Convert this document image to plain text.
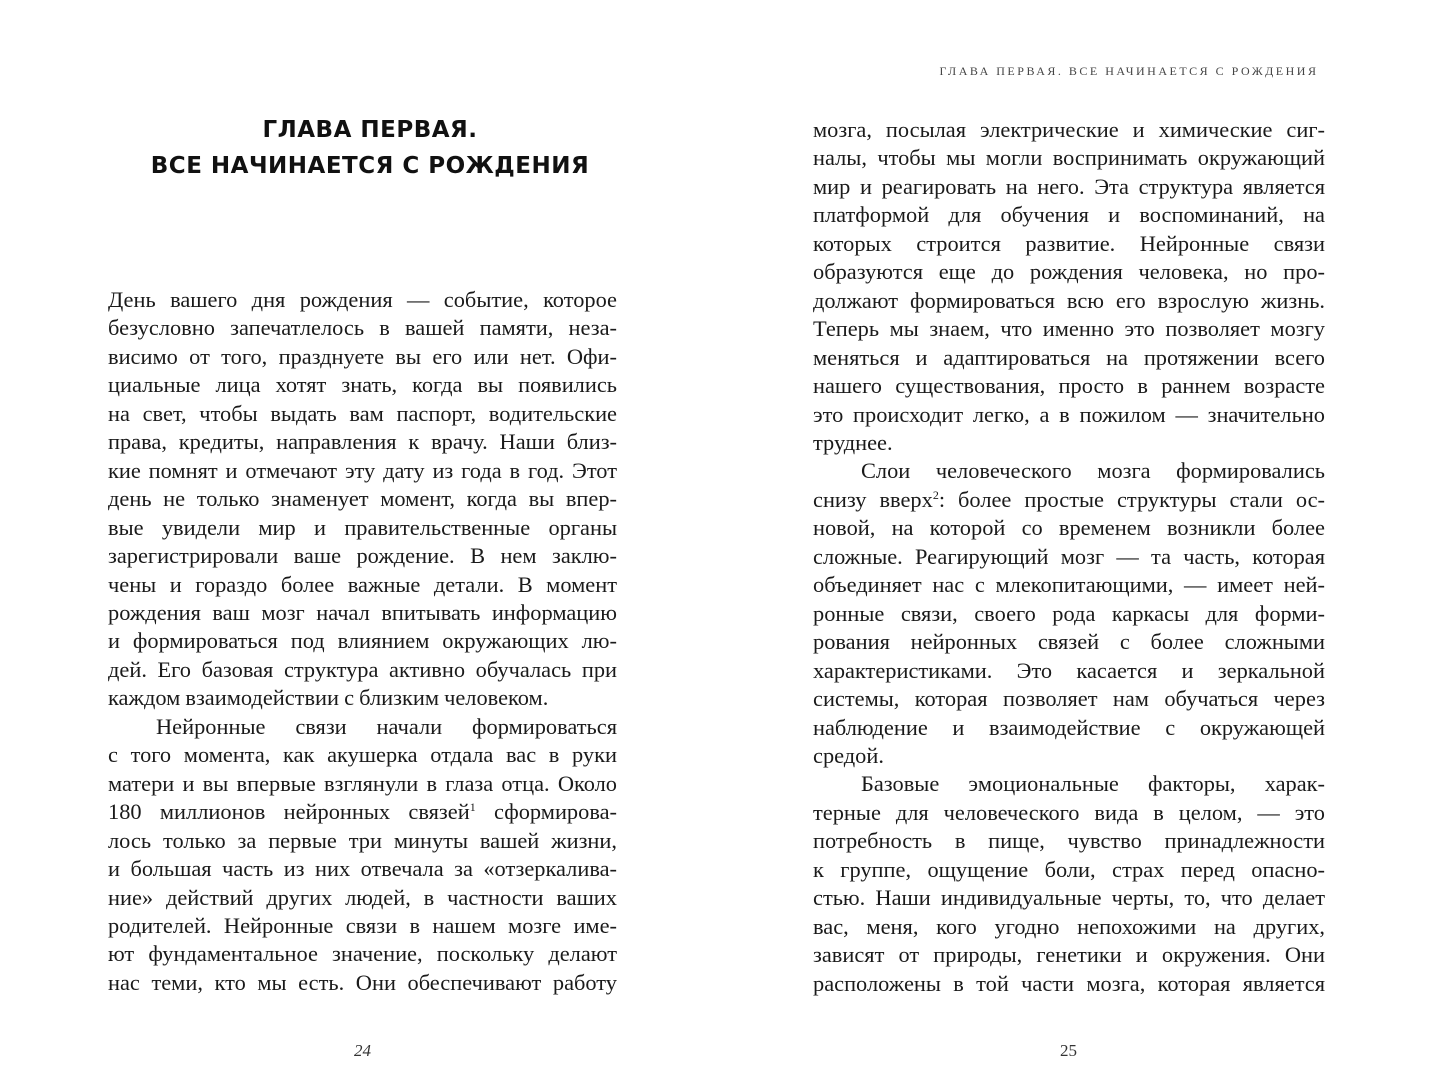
ГЛАВА ПЕРВАЯ.
ВСЕ НАЧИНАЕТСЯ С РОЖДЕНИЯ
День вашего дня рождения — событие, которое
безусловно запечатлелось в вашей памяти, неза-
висимо от того, празднуете вы его или нет. Офи-
циальные лица хотят знать, когда вы появились
на свет, чтобы выдать вам паспорт, водительские
права, кредиты, направления к врачу. Наши близ-
кие помнят и отмечают эту дату из года в год. Этот
день не только знаменует момент, когда вы впер-
вые увидели мир и правительственные органы
зарегистрировали ваше рождение. В нем заклю-
чены и гораздо более важные детали. В момент
рождения ваш мозг начал впитывать информацию
и формироваться под влиянием окружающих лю-
дей. Его базовая структура активно обучалась при
каждом взаимодействии с близким человеком.
Нейронные связи начали формироваться
с того момента, как акушерка отдала вас в руки
матери и вы впервые взглянули в глаза отца. Около
180 миллионов нейронных связей$^1$ сформирова-
лось только за первые три минуты вашей жизни,
и большая часть из них отвечала за «отзеркалива-
ние» действий других людей, в частности ваших
родителей. Нейронные связи в нашем мозге име-
ют фундаментальное значение, поскольку делают
нас теми, кто мы есть. Они обеспечивают работу
24
ГЛАВА ПЕРВАЯ. ВСЕ НАЧИНАЕТСЯ С РОЖДЕНИЯ
мозга, посылая электрические и химические сиг-
налы, чтобы мы могли воспринимать окружающий
мир и реагировать на него. Эта структура является
платформой для обучения и воспоминаний, на
которых строится развитие. Нейронные связи
образуются еще до рождения человека, но про-
должают формироваться всю его взрослую жизнь.
Теперь мы знаем, что именно это позволяет мозгу
меняться и адаптироваться на протяжении всего
нашего существования, просто в раннем возрасте
это происходит легко, а в пожилом — значительно
труднее.
Слои человеческого мозга формировались
снизу вверх$^2$: более простые структуры стали ос-
новой, на которой со временем возникли более
сложные. Реагирующий мозг — та часть, которая
объединяет нас с млекопитающими, — имеет ней-
ронные связи, своего рода каркасы для форми-
рования нейронных связей с более сложными
характеристиками. Это касается и зеркальной
системы, которая позволяет нам обучаться через
наблюдение и взаимодействие с окружающей
средой.
Базовые эмоциональные факторы, харак-
терные для человеческого вида в целом, — это
потребность в пище, чувство принадлежности
к группе, ощущение боли, страх перед опасно-
стью. Наши индивидуальные черты, то, что делает
вас, меня, кого угодно непохожими на других,
зависят от природы, генетики и окружения. Они
расположены в той части мозга, которая является
25
